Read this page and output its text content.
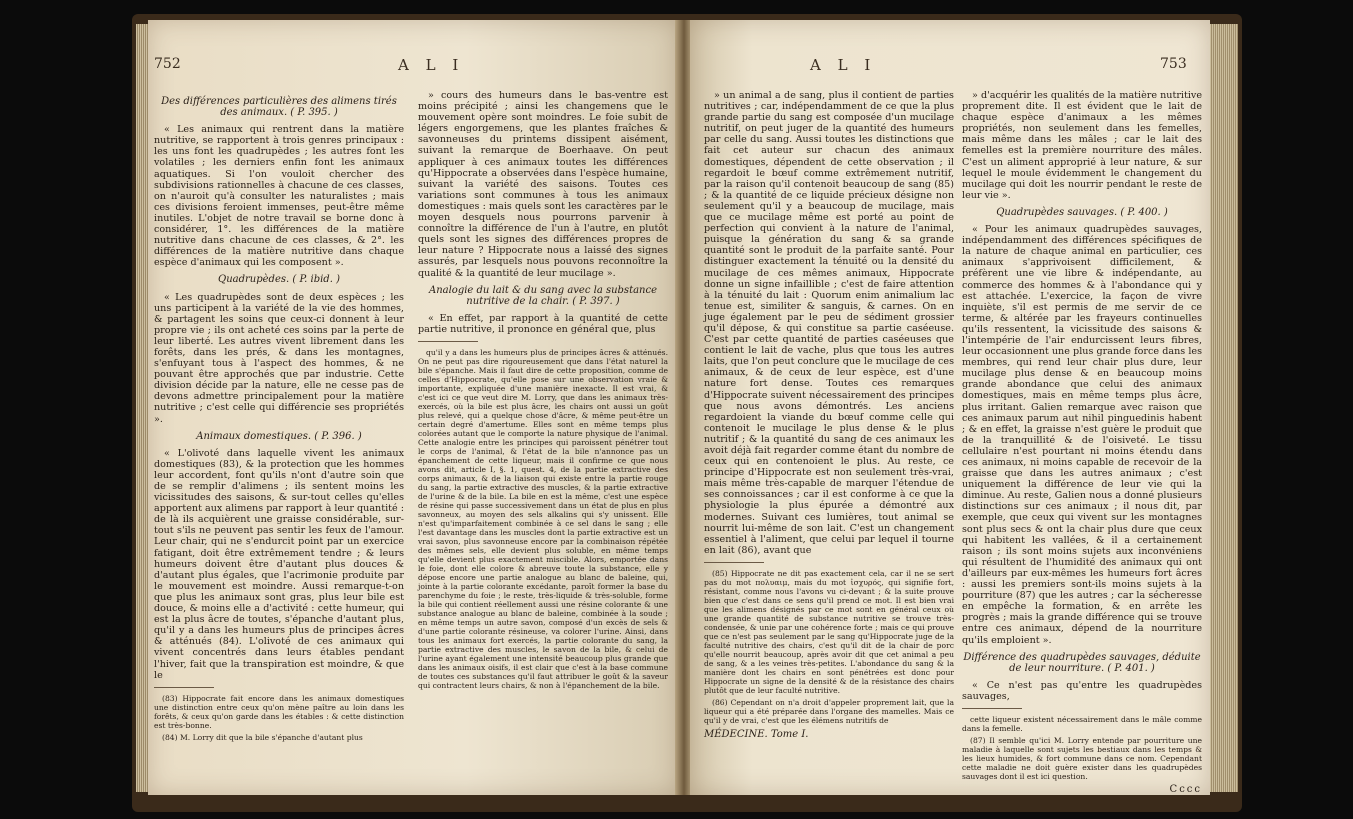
752	A L I
Des différences particulières des alimens tirés des animaux. ( P. 395. )

« Les animaux qui rentrent dans la matière nutritive, se rapportent à trois genres principaux : les uns font les quadrupèdes ; les autres font les volatiles ; les derniers enfin font les animaux aquatiques. Si l'on vouloit chercher des subdivisions rationnelles à chacune de ces classes, on n'auroit qu'à consulter les naturalistes ; mais ces divisions feroient immenses, peut-être même inutiles. L'objet de notre travail se borne donc à considérer, 1°. les différences de la matière nutritive dans chacune de ces classes, & 2°. les différences de la matière nutritive dans chaque espèce d'animaux qui les composent ».

Quadrupèdes. ( P. ibid. )

« Les quadrupèdes sont de deux espèces ; les uns participent à la variété de la vie des hommes, & partagent les soins que ceux-ci donnent à leur propre vie ; ils ont acheté ces soins par la perte de leur liberté. Les autres vivent librement dans les forêts, dans les prés, & dans les montagnes, s'enfuyant tous à l'aspect des hommes, & ne pouvant être approchés que par industrie. Cette division décide par la nature, elle ne cesse pas de devons admettre principalement pour la matière nutritive ; c'est celle qui différencie ses propriétés ».

Animaux domestiques. ( P. 396. )

« L'olivoté dans laquelle vivent les animaux domestiques (83), & la protection que les hommes leur accordent, font qu'ils n'ont d'autre soin que de se remplir d'alimens ; ils sentent moins les vicissitudes des saisons, & sur-tout celles qu'elles apportent aux alimens par rapport à leur quantité : de là ils acquièrent une graisse considérable, sur-tout s'ils ne peuvent pas sentir les feux de l'amour. Leur chair, qui ne s'endurcit point par un exercice fatigant, doit être extrêmement tendre ; & leurs humeurs doivent être d'autant plus douces & d'autant plus égales, que l'acrimonie produite par le mouvement est moindre. Aussi remarque-t-on que plus les animaux sont gras, plus leur bile est douce, & moins elle a d'activité : cette humeur, qui est la plus âcre de toutes, s'épanche d'autant plus, qu'il y a dans les humeurs plus de principes âcres & atténués (84). L'olivoté de ces animaux qui vivent concentrés dans leurs étables pendant l'hiver, fait que la transpiration est moindre, & que le

(83) Hippocrate fait encore dans les animaux domestiques une distinction entre ceux qu'on mène paître au loin dans les forêts, & ceux qu'on garde dans les étables : & cette distinction est très-bonne.

(84) M. Lorry dit que la bile s'épanche d'autant plus

» cours des humeurs dans le bas-ventre est moins précipité ; ainsi les changemens que le mouvement opère sont moindres. Le foie subit de légers engorgemens, que les plantes fraîches & savonneuses du printems dissipent aisément, suivant la remarque de Boerhaave. On peut appliquer à ces animaux toutes les différences qu'Hippocrate a observées dans l'espèce humaine, suivant la variété des saisons. Toutes ces variations sont communes à tous les animaux domestiques : mais quels sont les caractères par le moyen desquels nous pourrons parvenir à connoître la différence de l'un à l'autre, en plutôt quels sont les signes des différences propres de leur nature ? Hippocrate nous a laissé des signes assurés, par lesquels nous pouvons reconnoître la qualité & la quantité de leur mucilage ».

Analogie du lait & du sang avec la substance nutritive de la chair. ( P. 397. )

« En effet, par rapport à la quantité de cette partie nutritive, il prononce en général que, plus

qu'il y a dans les humeurs plus de principes âcres & atténués. On ne peut pas dire rigoureusement que dans l'état naturel la bile s'épanche. Mais il faut dire de cette proposition, comme de celles d'Hippocrate, qu'elle pose sur une observation vraie & importante, expliquée d'une manière inexacte. Il est vrai, & c'est ici ce que veut dire M. Lorry, que dans les animaux très-exercés, où la bile est plus âcre, les chairs ont aussi un goût plus relevé, qui a quelque chose d'âcre, & même peut-être un certain degré d'amertume. Elles sont en même temps plus colorées autant que le comporte la nature physique de l'animal. Cette analogie entre les principes qui paroissent pénétrer tout le corps de l'animal, & l'état de la bile n'annonce pas un épanchement de cette liqueur, mais il confirme ce que nous avons dit, article I, §. 1, quest. 4, de la partie extractive des corps animaux, & de la liaison qui existe entre la partie rouge du sang, la partie extractive des muscles, & la partie extractive de l'urine & de la bile. La bile en est la même, c'est une espèce de résine qui passe successivement dans un état de plus en plus savonneux, au moyen des sels alkalins qui s'y unissent. Elle n'est qu'imparfaitement combinée à ce sel dans le sang ; elle l'est davantage dans les muscles dont la partie extractive est un vrai savon, plus savonneuse encore par la combinaison répétée des mêmes sels, elle devient plus soluble, en même temps qu'elle devient plus exactement miscible. Alors, emportée dans le foie, dont elle colore & abreuve toute la substance, elle y dépose encore une partie analogue au blanc de baleine, qui, jointe à la partie colorante excédante, paroît former la base du parenchyme du foie ; le reste, très-liquide & très-soluble, forme la bile qui contient réellement aussi une résine colorante & une substance analogue au blanc de baleine, combinée à la soude ; en même temps un autre savon, composé d'un excès de sels & d'une partie colorante résineuse, va colorer l'urine. Ainsi, dans tous les animaux fort exercés, la partie colorante du sang, la partie extractive des muscles, le savon de la bile, & celui de l'urine ayant également une intensité beaucoup plus grande que dans les animaux oisifs, il est clair que c'est à la base commune de toutes ces substances qu'il faut attribuer le goût & la saveur qui contractent leurs chairs, & non à l'épanchement de la bile.

A L I	753

» un animal a de sang, plus il contient de parties nutritives ; car, indépendamment de ce que la plus grande partie du sang est composée d'un mucilage nutritif, on peut juger de la quantité des humeurs par celle du sang. Aussi toutes les distinctions que fait cet auteur sur chacun des animaux domestiques, dépendent de cette observation ; il regardoit le bœuf comme extrêmement nutritif, par la raison qu'il contenoit beaucoup de sang (85) ; & la quantité de ce liquide précieux désigne non seulement qu'il y a beaucoup de mucilage, mais que ce mucilage même est porté au point de perfection qui convient à la nature de l'animal, puisque la génération du sang & sa grande quantité sont le produit de la parfaite santé. Pour distinguer exactement la ténuité ou la densité du mucilage de ces mêmes animaux, Hippocrate donne un signe infaillible ; c'est de faire attention à la ténuité du lait : Quorum enim animalium lac tenue est, similiter & sanguis, & carnes. On en juge également par le peu de sédiment grossier qu'il dépose, & qui constitue sa partie caséeuse. C'est par cette quantité de parties caséeuses que contient le lait de vache, plus que tous les autres laits, que l'on peut conclure que le mucilage de ces animaux, & de ceux de leur espèce, est d'une nature fort dense. Toutes ces remarques d'Hippocrate suivent nécessairement des principes que nous avons démontrés. Les anciens regardoient la viande du bœuf comme celle qui contenoit le mucilage le plus dense & le plus nutritif ; & la quantité du sang de ces animaux les avoit déjà fait regarder comme étant du nombre de ceux qui en contenoient le plus. Au reste, ce principe d'Hippocrate est non seulement très-vrai, mais même très-capable de marquer l'étendue de ses connoissances ; car il est conforme à ce que la physiologie la plus épurée a démontré aux modernes. Suivant ces lumières, tout animal se nourrit lui-même de son lait. C'est un changement essentiel à l'aliment, que celui par lequel il tourne en lait (86), avant que

(85) Hippocrate ne dit pas exactement cela, car il ne se sert pas du mot πολυαιμ, mais du mot ἰσχυρός, qui signifie fort, résistant, comme nous l'avons vu ci-devant ; & la suite prouve bien que c'est dans ce sens qu'il prend ce mot. Il est bien vrai que les alimens désignés par ce mot sont en général ceux où une grande quantité de substance nutritive se trouve très-condensée, & unie par une cohérence forte ; mais ce qui prouve que ce n'est pas seulement par le sang qu'Hippocrate juge de la faculté nutritive des chairs, c'est qu'il dit de la chair de porc qu'elle nourrit beaucoup, après avoir dit que cet animal a peu de sang, & a les veines très-petites. L'abondance du sang & la manière dont les chairs en sont pénétrées est donc pour Hippocrate un signe de la densité & de la résistance des chairs plutôt que de leur faculté nutritive.

(86) Cependant on n'a droit d'appeler proprement lait, que la liqueur qui a été préparée dans l'organe des mamelles. Mais ce qu'il y de vrai, c'est que les élémens nutritifs de

MÉDECINE. Tome I.

» d'acquérir les qualités de la matière nutritive proprement dite. Il est évident que le lait de chaque espèce d'animaux a les mêmes propriétés, non seulement dans les femelles, mais même dans les mâles ; car le lait des femelles est la première nourriture des mâles. C'est un aliment approprié à leur nature, & sur lequel le moule évidemment le changement du mucilage qui doit les nourrir pendant le reste de leur vie ».

Quadrupèdes sauvages. ( P. 400. )

« Pour les animaux quadrupèdes sauvages, indépendamment des différences spécifiques de la nature de chaque animal en particulier, ces animaux s'apprivoisent difficilement, & préfèrent une vie libre & indépendante, au commerce des hommes & à l'abondance qui y est attachée. L'exercice, la façon de vivre inquiète, s'il est permis de me servir de ce terme, & altérée par les frayeurs continuelles qu'ils ressentent, la vicissitude des saisons & l'intempérie de l'air endurcissent leurs fibres, leur occasionnent une plus grande force dans les membres, qui rend leur chair plus dure, leur mucilage plus dense & en beaucoup moins grande abondance que celui des animaux domestiques, mais en même temps plus âcre, plus irritant. Galien remarque avec raison que ces animaux parum aut nihil pinguedinis habent ; & en effet, la graisse n'est guère le produit que de la tranquillité & de l'oisiveté. Le tissu cellulaire n'est pourtant ni moins étendu dans ces animaux, ni moins capable de recevoir de la graisse que dans les autres animaux ; c'est uniquement la différence de leur vie qui la diminue. Au reste, Galien nous a donné plusieurs distinctions sur ces animaux ; il nous dit, par exemple, que ceux qui vivent sur les montagnes sont plus secs & ont la chair plus dure que ceux qui habitent les vallées, & il a certainement raison ; ils sont moins sujets aux inconvéniens qui résultent de l'humidité des animaux qui ont d'ailleurs par eux-mêmes les humeurs fort âcres : aussi les premiers sont-ils moins sujets à la pourriture (87) que les autres ; car la sécheresse en empêche la formation, & en arrête les progrès ; mais la grande différence qui se trouve entre ces animaux, dépend de la nourriture qu'ils emploient ».

Différence des quadrupèdes sauvages, déduite de leur nourriture. ( P. 401. )

« Ce n'est pas qu'entre les quadrupèdes sauvages,

cette liqueur existent nécessairement dans le mâle comme dans la femelle.

(87) Il semble qu'ici M. Lorry entende par pourriture une maladie à laquelle sont sujets les bestiaux dans les temps & les lieux humides, & fort commune dans ce nom. Cependant cette maladie ne doit guère exister dans les quadrupèdes sauvages dont il est ici question.

Cccc
